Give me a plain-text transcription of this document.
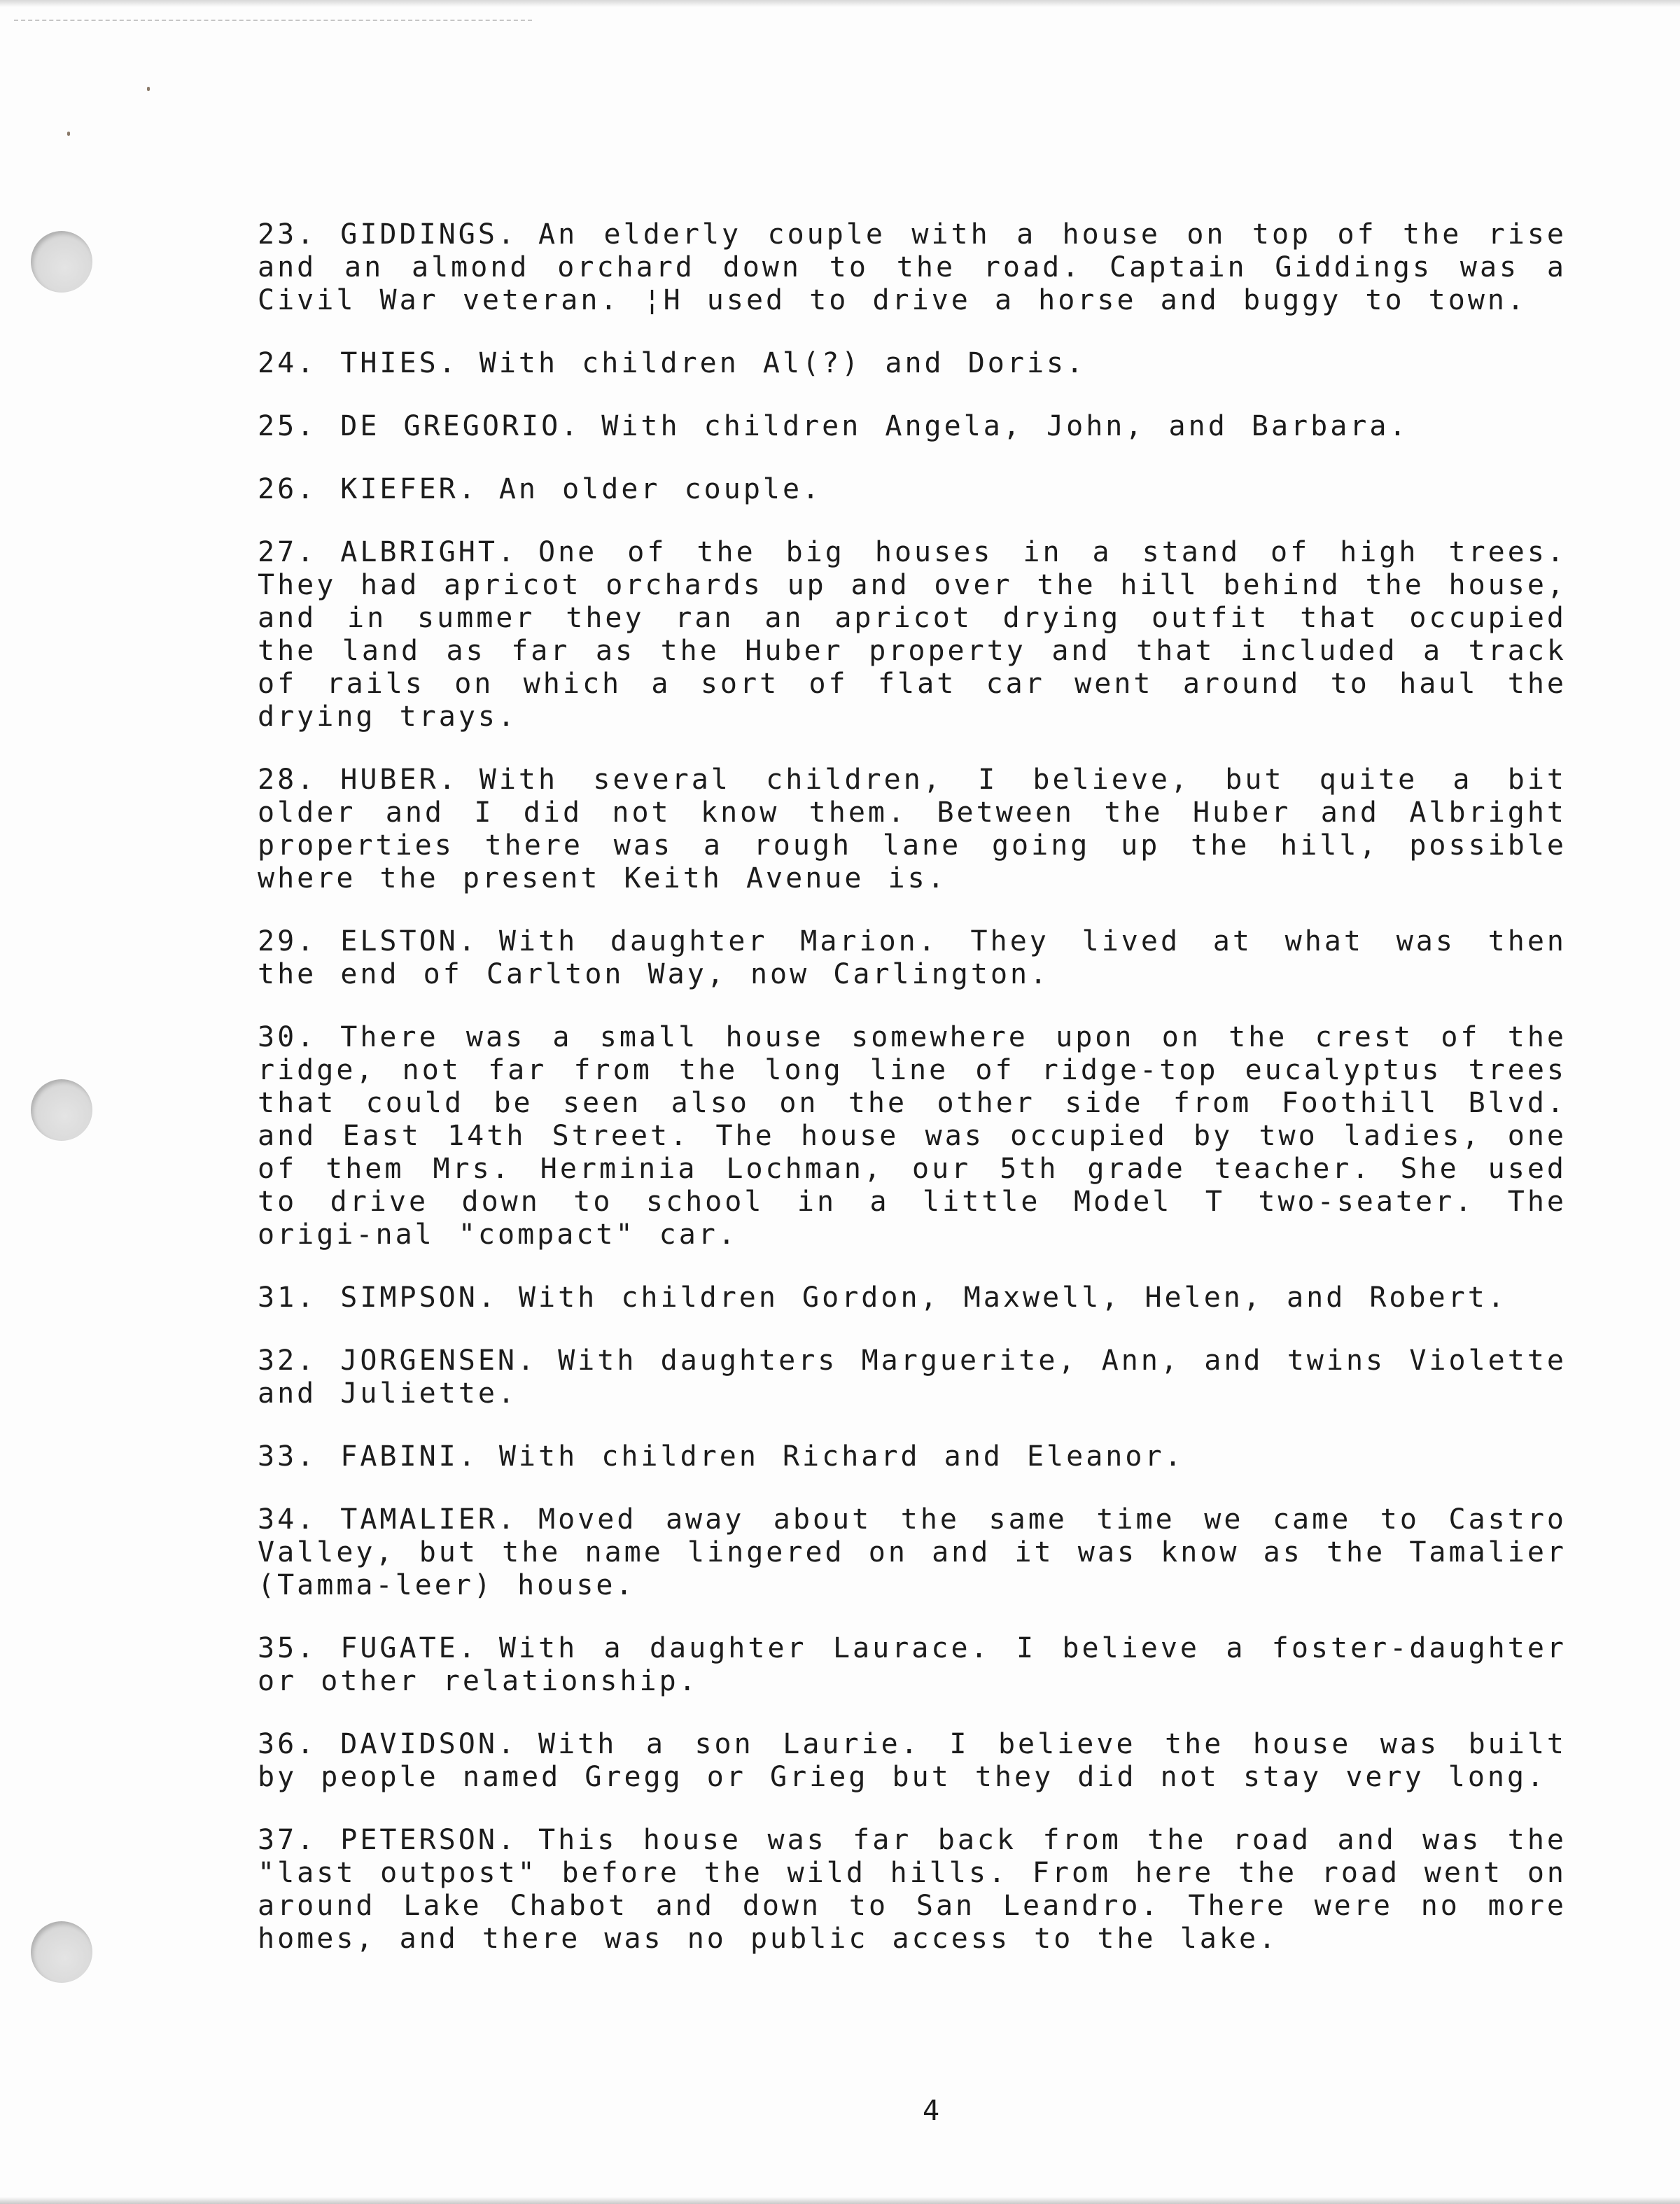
23. GIDDINGS. An elderly couple with a house on top of the rise and an almond orchard down to the road. Captain Giddings was a Civil War veteran. ¦H used to drive a horse and buggy to town.

24. THIES. With children Al(?) and Doris.

25. DE GREGORIO. With children Angela, John, and Barbara.

26. KIEFER. An older couple.

27. ALBRIGHT. One of the big houses in a stand of high trees. They had apricot orchards up and over the hill behind the house, and in summer they ran an apricot drying outfit that occupied the land as far as the Huber property and that included a track of rails on which a sort of flat car went around to haul the drying trays.

28. HUBER. With several children, I believe, but quite a bit older and I did not know them. Between the Huber and Albright properties there was a rough lane going up the hill, possible where the present Keith Avenue is.

29. ELSTON. With daughter Marion. They lived at what was then the end of Carlton Way, now Carlington.

30. There was a small house somewhere upon on the crest of the ridge, not far from the long line of ridge-top eucalyptus trees that could be seen also on the other side from Foothill Blvd. and East 14th Street. The house was occupied by two ladies, one of them Mrs. Herminia Lochman, our 5th grade teacher. She used to drive down to school in a little Model T two-seater. The origi-nal "compact" car.

31. SIMPSON. With children Gordon, Maxwell, Helen, and Robert.

32. JORGENSEN. With daughters Marguerite, Ann, and twins Violette and Juliette.

33. FABINI. With children Richard and Eleanor.

34. TAMALIER. Moved away about the same time we came to Castro Valley, but the name lingered on and it was know as the Tamalier (Tamma-leer) house.

35. FUGATE. With a daughter Laurace. I believe a foster-daughter or other relationship.

36. DAVIDSON. With a son Laurie. I believe the house was built by people named Gregg or Grieg but they did not stay very long.

37. PETERSON. This house was far back from the road and was the "last outpost" before the wild hills. From here the road went on around Lake Chabot and down to San Leandro. There were no more homes, and there was no public access to the lake.

4
